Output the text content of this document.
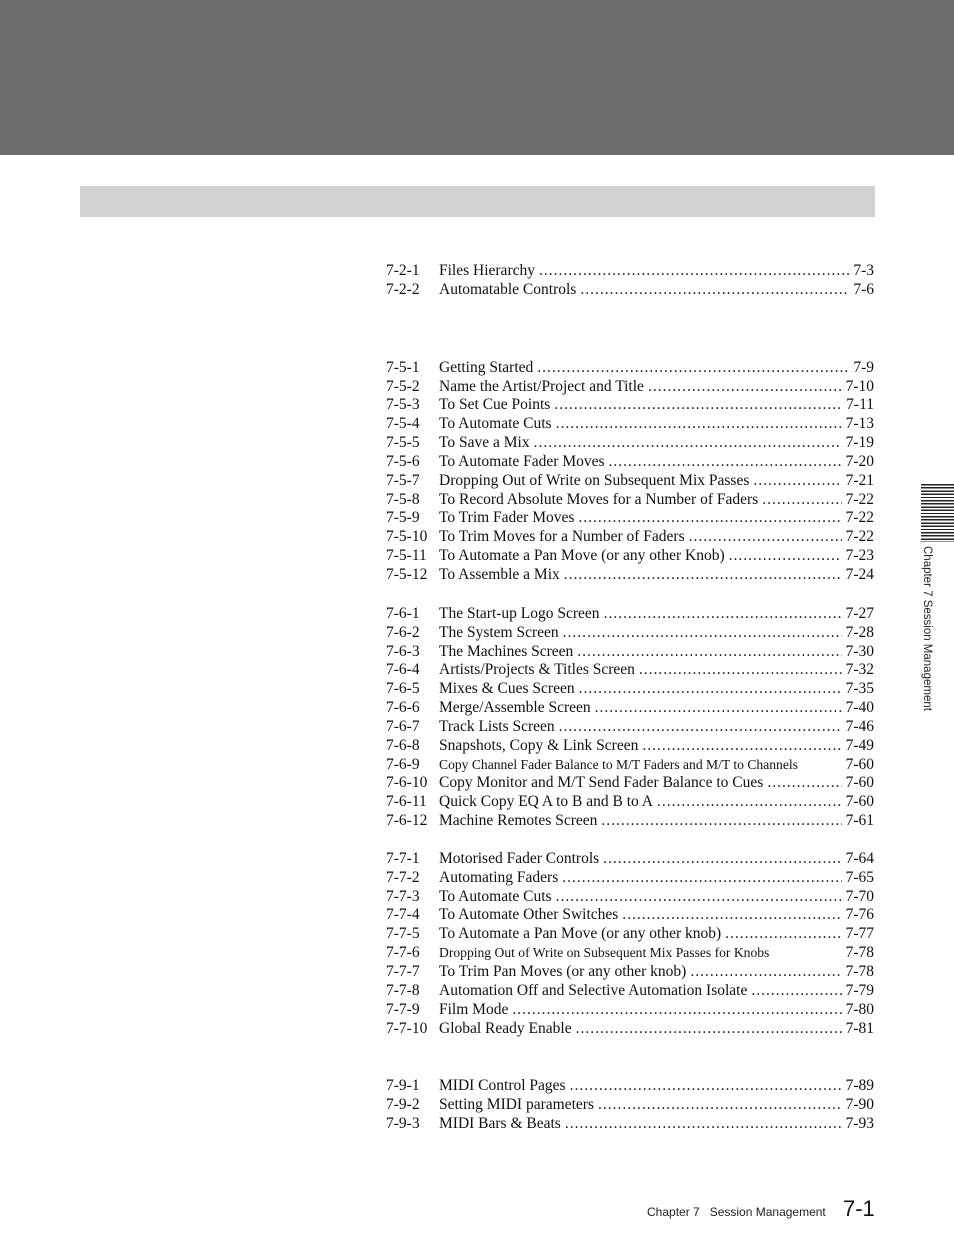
7-2-1	Files Hierarchy .....	7-3
7-2-2	Automatable Controls .....	7-6
7-5-1	Getting Started .....	7-9
7-5-2	Name the Artist/Project and Title .....	7-10
7-5-3	To Set Cue Points .....	7-11
7-5-4	To Automate Cuts .....	7-13
7-5-5	To Save a Mix .....	7-19
7-5-6	To Automate Fader Moves .....	7-20
7-5-7	Dropping Out of Write on Subsequent Mix Passes .....	7-21
7-5-8	To Record Absolute Moves for a Number of Faders .....	7-22
7-5-9	To Trim Fader Moves .....	7-22
7-5-10 To Trim Moves for a Number of Faders .....	7-22
7-5-11 To Automate a Pan Move (or any other Knob) .....	7-23
7-5-12 To Assemble a Mix .....	7-24
7-6-1	The Start-up Logo Screen .....	7-27
7-6-2	The System Screen .....	7-28
7-6-3	The Machines Screen .....	7-30
7-6-4	Artists/Projects & Titles Screen .....	7-32
7-6-5	Mixes & Cues Screen .....	7-35
7-6-6	Merge/Assemble Screen .....	7-40
7-6-7	Track Lists Screen .....	7-46
7-6-8	Snapshots, Copy & Link Screen .....	7-49
7-6-9	Copy Channel Fader Balance to M/T Faders and M/T to Channels	7-60
7-6-10 Copy Monitor and M/T Send Fader Balance to Cues .....	7-60
7-6-11 Quick Copy EQ A to B and B to A .....	7-60
7-6-12 Machine Remotes Screen .....	7-61
7-7-1	Motorised Fader Controls .....	7-64
7-7-2	Automating Faders .....	7-65
7-7-3	To Automate Cuts .....	7-70
7-7-4	To Automate Other Switches .....	7-76
7-7-5	To Automate a Pan Move (or any other knob) .....	7-77
7-7-6	Dropping Out of Write on Subsequent Mix Passes for Knobs	7-78
7-7-7	To Trim Pan Moves (or any other knob) .....	7-78
7-7-8	Automation Off and Selective Automation Isolate .....	7-79
7-7-9	Film Mode .....	7-80
7-7-10 Global Ready Enable .....	7-81
7-9-1	MIDI Control Pages .....	7-89
7-9-2	Setting MIDI parameters .....	7-90
7-9-3	MIDI Bars & Beats .....	7-93
Chapter 7 Session Management
Chapter 7   Session Management 7-1
